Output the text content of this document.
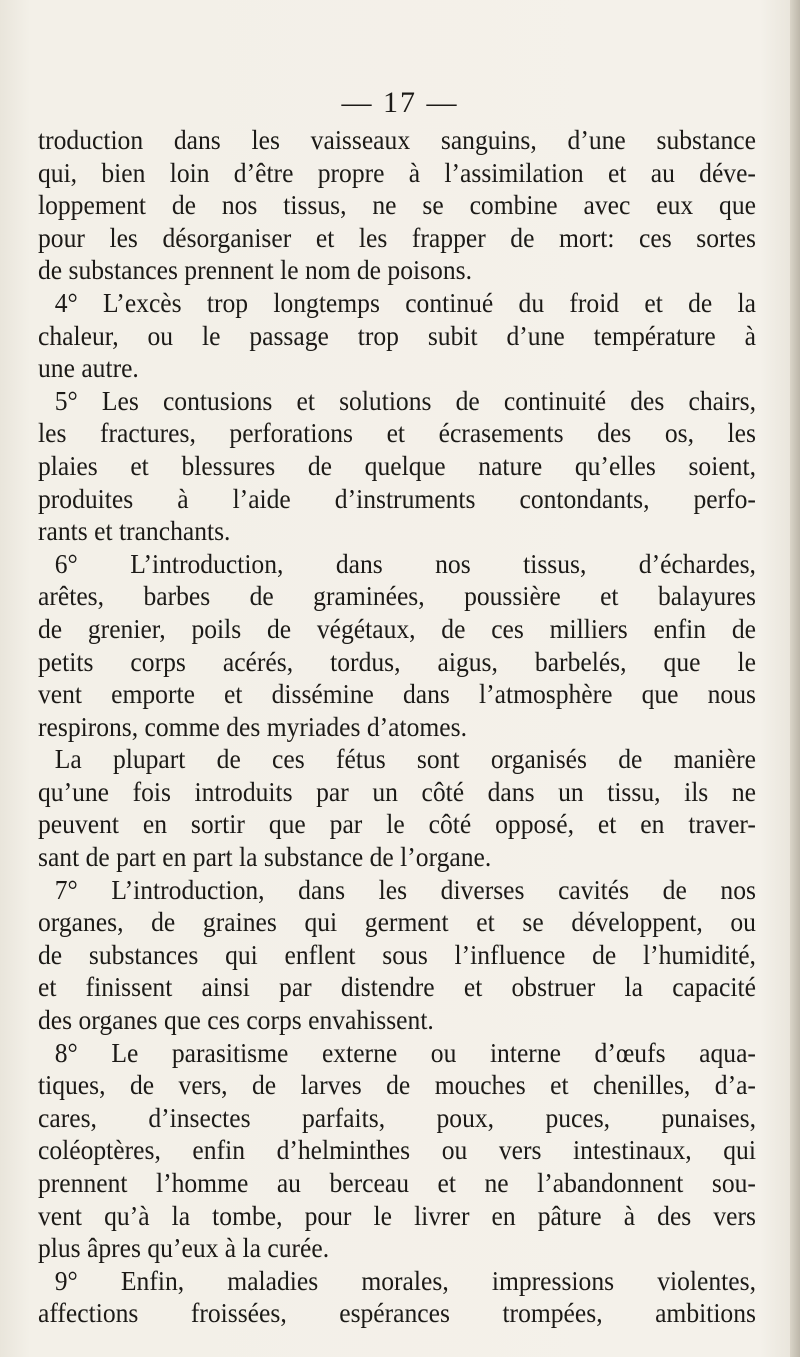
— 17 —
troduction dans les vaisseaux sanguins, d’une substance
qui, bien loin d’être propre à l’assimilation et au déve-
loppement de nos tissus, ne se combine avec eux que
pour les désorganiser et les frapper de mort: ces sortes
de substances prennent le nom de poisons.
4° L’excès trop longtemps continué du froid et de la
chaleur, ou le passage trop subit d’une température à
une autre.
5° Les contusions et solutions de continuité des chairs,
les fractures, perforations et écrasements des os, les
plaies et blessures de quelque nature qu’elles soient,
produites à l’aide d’instruments contondants, perfo-
rants et tranchants.
6° L’introduction, dans nos tissus, d’échardes,
arêtes, barbes de graminées, poussière et balayures
de grenier, poils de végétaux, de ces milliers enfin de
petits corps acérés, tordus, aigus, barbelés, que le
vent emporte et dissémine dans l’atmosphère que nous
respirons, comme des myriades d’atomes.
La plupart de ces fétus sont organisés de manière
qu’une fois introduits par un côté dans un tissu, ils ne
peuvent en sortir que par le côté opposé, et en traver-
sant de part en part la substance de l’organe.
7° L’introduction, dans les diverses cavités de nos
organes, de graines qui germent et se développent, ou
de substances qui enflent sous l’influence de l’humidité,
et finissent ainsi par distendre et obstruer la capacité
des organes que ces corps envahissent.
8° Le parasitisme externe ou interne d’œufs aqua-
tiques, de vers, de larves de mouches et chenilles, d’a-
cares, d’insectes parfaits, poux, puces, punaises,
coléoptères, enfin d’helminthes ou vers intestinaux, qui
prennent l’homme au berceau et ne l’abandonnent sou-
vent qu’à la tombe, pour le livrer en pâture à des vers
plus âpres qu’eux à la curée.
9° Enfin, maladies morales, impressions violentes,
affections froissées, espérances trompées, ambitions
